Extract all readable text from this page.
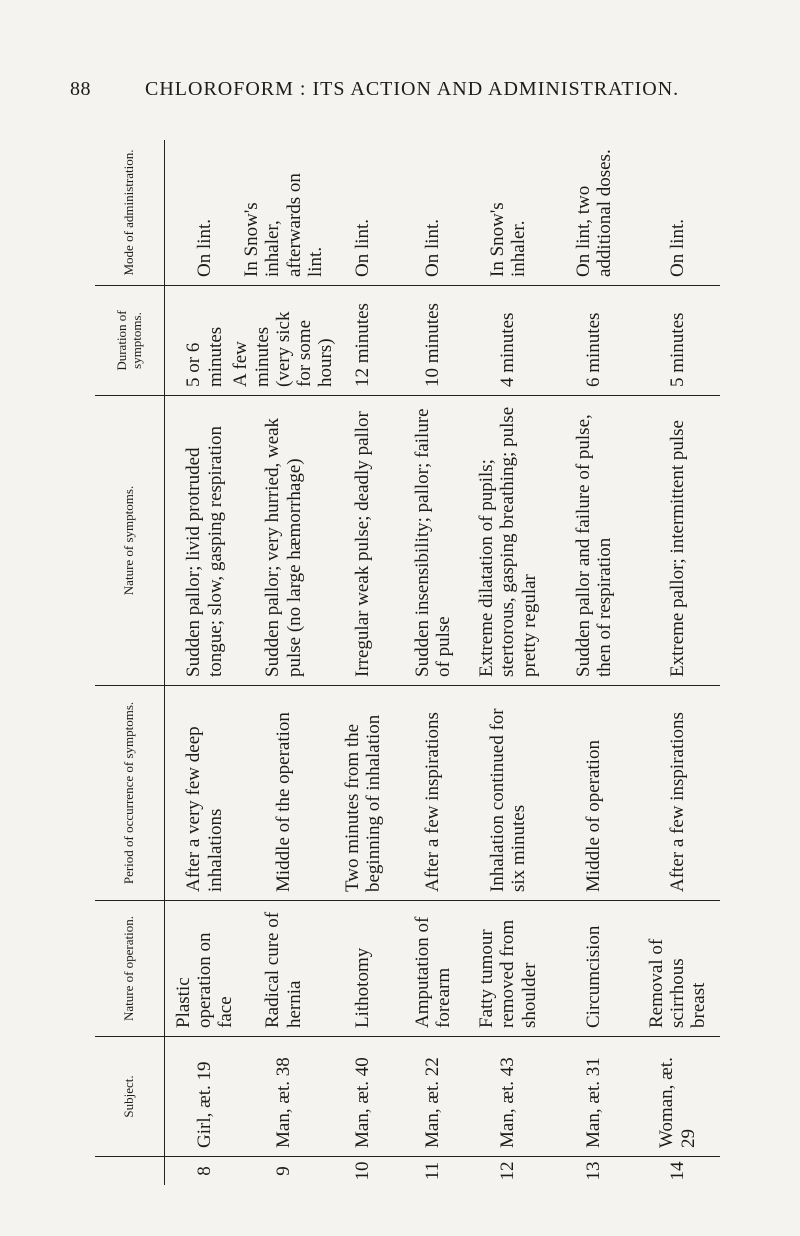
88	CHLOROFORM : ITS ACTION AND ADMINISTRATION.
Subject.
Nature of operation.
Period of occurrence of symptoms.
Nature of symptoms.
Duration of symptoms.
Mode of administration.
8
Girl, æt. 19
Plastic operation on face
After a very few deep inhalations
Sudden pallor; livid protruded tongue; slow, gasping respiration
5 or 6 minutes
On lint.
9
Man, æt. 38
Radical cure of hernia
Middle of the operation
Sudden pallor; very hurried, weak pulse (no large hæmorrhage)
A few minutes (very sick for some hours)
In Snow's inhaler, afterwards on lint.
10
Man, æt. 40
Lithotomy
Two minutes from the beginning of inhalation
Irregular weak pulse; deadly pallor
12 minutes
On lint.
11
Man, æt. 22
Amputation of forearm
After a few inspirations
Sudden insensibility; pallor; failure of pulse
10 minutes
On lint.
12
Man, æt. 43
Fatty tumour removed from shoulder
Inhalation continued for six minutes
Extreme dilatation of pupils; stertorous, gasping breathing; pulse pretty regular
4 minutes
In Snow's inhaler.
13
Man, æt. 31
Circumcision
Middle of operation
Sudden pallor and failure of pulse, then of respiration
6 minutes
On lint, two additional doses.
14
Woman, æt. 29
Removal of scirrhous breast
After a few inspirations
Extreme pallor; intermittent pulse
5 minutes
On lint.
